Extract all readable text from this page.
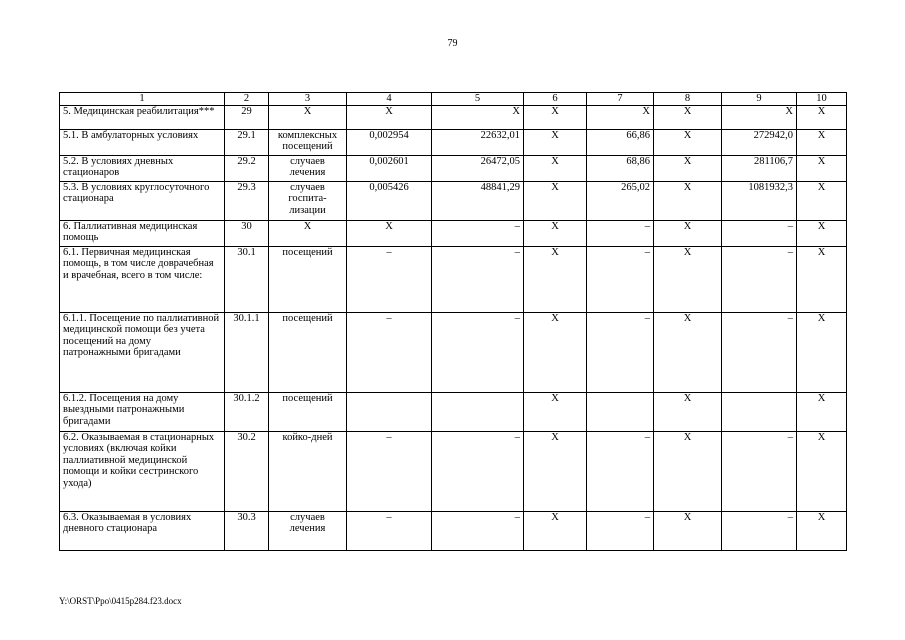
79
1	2	3	4	5	6	7	8	9	10
5. Медицинская реабилитация***	29	Х	Х	Х	Х	Х	Х	Х	Х
5.1. В амбулаторных условиях	29.1	комплексных посещений	0,002954	22632,01	Х	66,86	Х	272942,0	Х
5.2. В условиях дневных стационаров	29.2	случаев лечения	0,002601	26472,05	Х	68,86	Х	281106,7	Х
5.3. В условиях круглосуточного стационара	29.3	случаев госпита-лизации	0,005426	48841,29	Х	265,02	Х	1081932,3	Х
6. Паллиативная медицинская помощь	30	Х	Х	–	Х	–	Х	–	Х
6.1. Первичная медицинская помощь, в том числе доврачебная и врачебная, всего в том числе:	30.1	посещений	–	–	Х	–	Х	–	Х
6.1.1. Посещение по паллиативной медицинской помощи без учета посещений на дому патронажными бригадами	30.1.1	посещений	–	–	Х	–	Х	–	Х
6.1.2. Посещения на дому выездными патронажными бригадами	30.1.2	посещений			Х		Х		Х
6.2. Оказываемая в стационарных условиях (включая койки паллиативной медицинской помощи и койки сестринского ухода)	30.2	койко-дней	–	–	Х	–	Х	–	Х
6.3. Оказываемая в условиях дневного стационара	30.3	случаев лечения	–	–	Х	–	Х	–	Х
Y:\ORST\Ppo\0415p284.f23.docx
